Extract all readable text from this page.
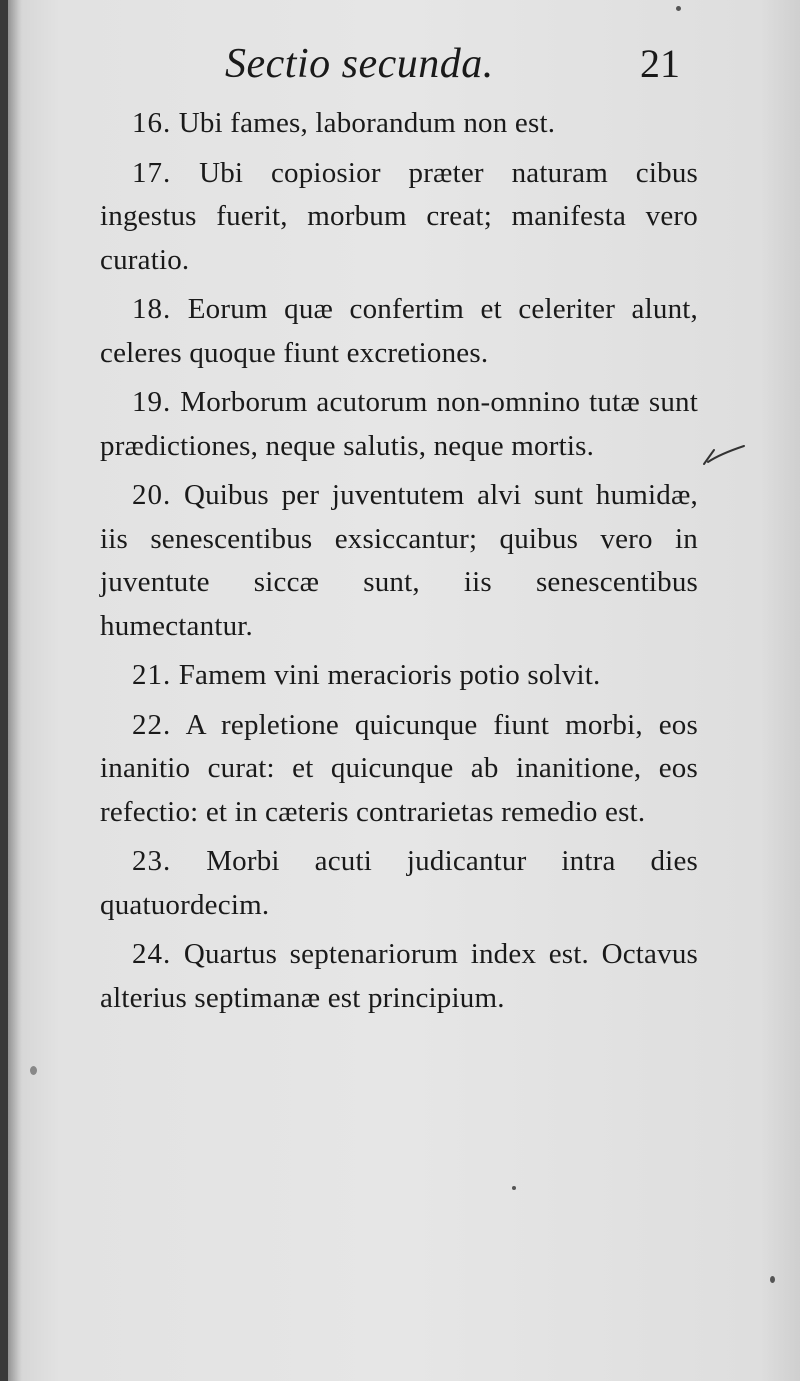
Sectio secunda.	21

16. Ubi fames, laborandum non est.

17. Ubi copiosior præter naturam cibus ingestus fuerit, morbum creat; manifesta vero curatio.

18. Eorum quæ confertim et celeriter alunt, celeres quoque fiunt excretiones.

19. Morborum acutorum non-omnino tutæ sunt prædictiones, neque salutis, neque mortis.

20. Quibus per juventutem alvi sunt humidæ, iis senescentibus exsiccantur; quibus vero in juventute siccæ sunt, iis senescentibus humectantur.

21. Famem vini meracioris potio solvit.

22. A repletione quicunque fiunt morbi, eos inanitio curat: et quicunque ab inanitione, eos refectio: et in cæteris contrarietas remedio est.

23. Morbi acuti judicantur intra dies quatuordecim.

24. Quartus septenariorum index est. Octavus alterius septimanæ est principium.
